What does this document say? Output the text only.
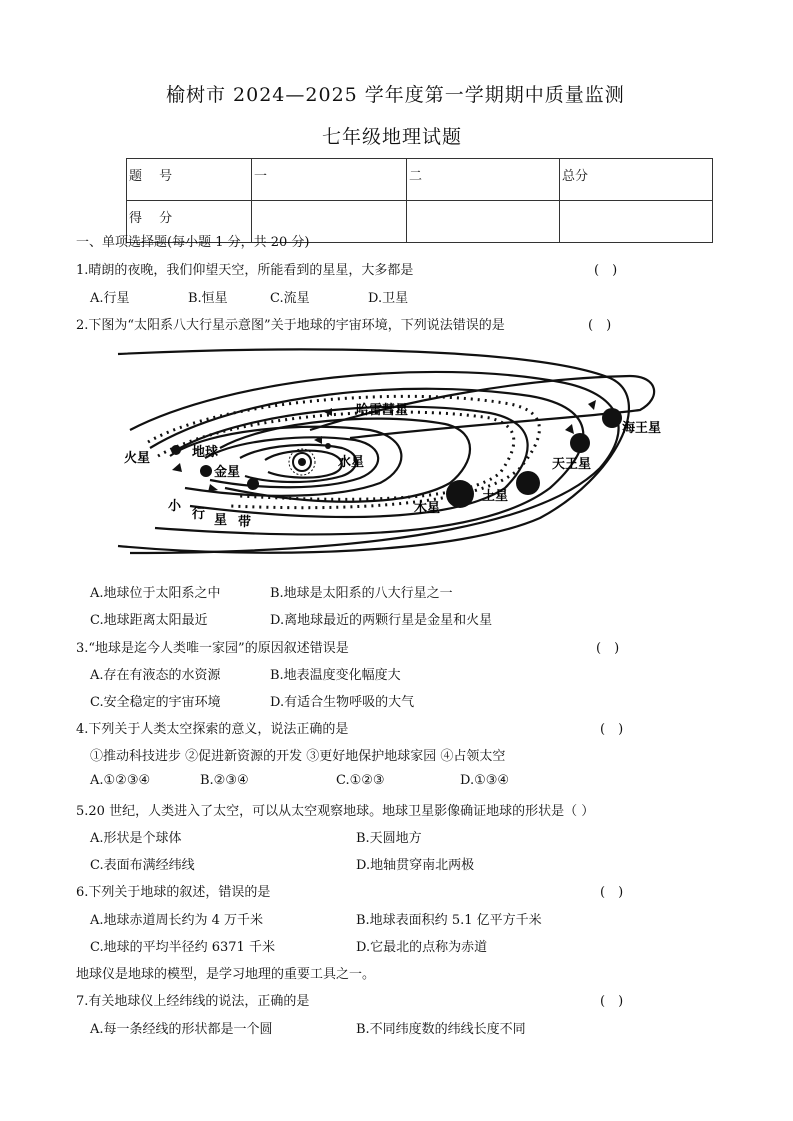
榆树市 2024—2025 学年度第一学期期中质量监测
七年级地理试题
题　 号	一	二	总分
得　 分			
一、单项选择题(每小题 1 分，共 20 分)
1.晴朗的夜晚，我们仰望天空，所能看到的星星，大多都是	(　)
A.行星	B.恒星	C.流星	D.卫星
2.下图为“太阳系八大行星示意图”关于地球的宇宙环境，下列说法错误的是	(　)
哈雷彗星
海王星
天王星
土星
木星
火星	地球
金星
水星
小
行 星 带
A.地球位于太阳系之中	B.地球是太阳系的八大行星之一
C.地球距离太阳最近	D.离地球最近的两颗行星是金星和火星
3.“地球是迄今人类唯一家园”的原因叙述错误是	(　)
A.存在有液态的水资源	B.地表温度变化幅度大
C.安全稳定的宇宙环境	D.有适合生物呼吸的大气
4.下列关于人类太空探索的意义，说法正确的是	(　)
①推动科技进步 ②促进新资源的开发 ③更好地保护地球家园 ④占领太空
A.①②③④	B.②③④	C.①②③	D.①③④
5.20 世纪，人类进入了太空，可以从太空观察地球。地球卫星影像确证地球的形状是（ ）
A.形状是个球体	B.天圆地方
C.表面布满经纬线	D.地轴贯穿南北两极
6.下列关于地球的叙述，错误的是	(　)
A.地球赤道周长约为 4 万千米	B.地球表面积约 5.1 亿平方千米
C.地球的平均半径约 6371 千米	D.它最北的点称为赤道
地球仪是地球的模型，是学习地理的重要工具之一。
7.有关地球仪上经纬线的说法，正确的是	(　)
A.每一条经线的形状都是一个圆	B.不同纬度数的纬线长度不同
